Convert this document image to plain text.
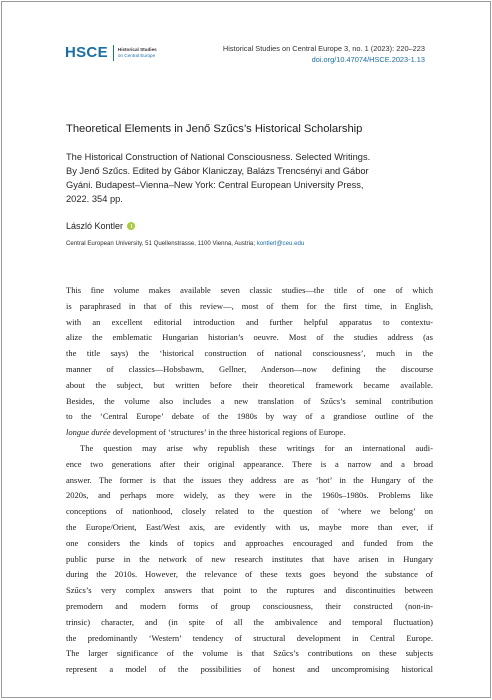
HSCE Historical Studies
on Central Europe
Historical Studies on Central Europe 3, no. 1 (2023): 220–223
doi.org/10.47074/HSCE.2023-1.13
Theoretical Elements in Jenő Szűcs’s Historical Scholarship
The Historical Construction of National Consciousness. Selected Writings.
By Jenő Szűcs. Edited by Gábor Klaniczay, Balázs Trencsényi and Gábor
Gyáni. Budapest–Vienna–New York: Central European University Press,
2022. 354 pp.
László Kontler
Central European University, 51 Quellenstrasse, 1100 Vienna, Austria; kontlerl@ceu.edu
This fine volume makes available seven classic studies—the title of one of which
is paraphrased in that of this review—, most of them for the first time, in English,
with an excellent editorial introduction and further helpful apparatus to contextu-
alize the emblematic Hungarian historian’s oeuvre. Most of the studies address (as
the title says) the ‘historical construction of national consciousness’, much in the
manner of classics—Hobsbawm, Gellner, Anderson—now defining the discourse
about the subject, but written before their theoretical framework became available.
Besides, the volume also includes a new translation of Szűcs’s seminal contribution
to the ‘Central Europe’ debate of the 1980s by way of a grandiose outline of the
longue durée development of ‘structures’ in the three historical regions of Europe.
The question may arise why republish these writings for an international audi-
ence two generations after their original appearance. There is a narrow and a broad
answer. The former is that the issues they address are as ‘hot’ in the Hungary of the
2020s, and perhaps more widely, as they were in the 1960s–1980s. Problems like
conceptions of nationhood, closely related to the question of ‘where we belong’ on
the Europe/Orient, East/West axis, are evidently with us, maybe more than ever, if
one considers the kinds of topics and approaches encouraged and funded from the
public purse in the network of new research institutes that have arisen in Hungary
during the 2010s. However, the relevance of these texts goes beyond the substance of
Szűcs’s very complex answers that point to the ruptures and discontinuities between
premodern and modern forms of group consciousness, their constructed (non-in-
trinsic) character, and (in spite of all the ambivalence and temporal fluctuation)
the predominantly ‘Western’ tendency of structural development in Central Europe.
The larger significance of the volume is that Szűcs’s contributions on these subjects
represent a model of the possibilities of honest and uncompromising historical
